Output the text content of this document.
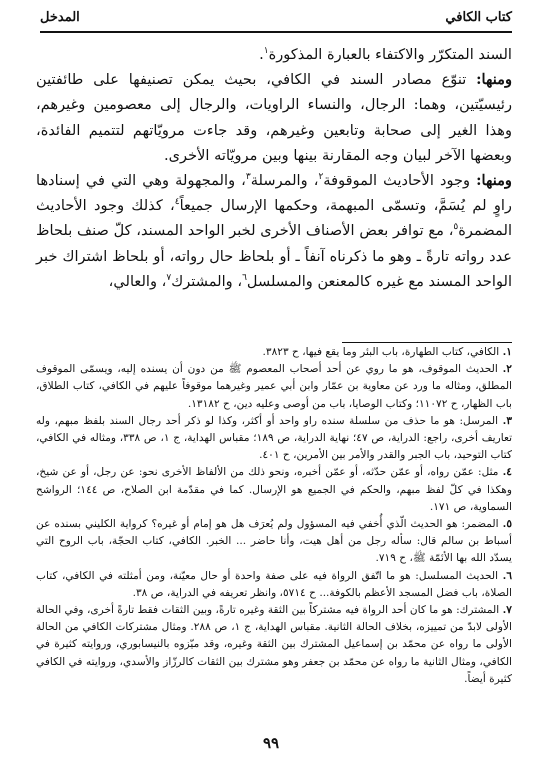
كتاب الكافي
المدخل

السند المتكرّر والاكتفاء بالعبارة المذكورة$^١$.

ومنها: تنوّع مصادر السند في الكافي، بحيث يمكن تصنيفها على طائفتين رئيسيّتين، وهما: الرجال، والنساء الراويات، والرجال إلى معصومين وغيرهم، وهذا الغير إلى صحابة وتابعين وغيرهم، وقد جاءت مرويّاتهم لتتميم الفائدة، وبعضها الآخر لبيان وجه المقارنة بينها وبين مرويّاته الأخرى.

ومنها: وجود الأحاديث الموقوفة$^٢$، والمرسلة$^٣$، والمجهولة وهي التي في إسنادها راوٍ لم يُسَمَّ، وتسمّى المبهمة، وحكمها الإرسال جميعاً$^٤$، كذلك وجود الأحاديث المضمرة$^٥$، مع توافر بعض الأصناف الأخرى لخبر الواحد المسند، كلّ صنف بلحاظ عدد رواته تارةً ـ وهو ما ذكرناه آنفاً ـ أو بلحاظ حال رواته، أو بلحاظ اشتراك خبر الواحد المسند مع غيره كالمعنعن والمسلسل$^٦$، والمشترك$^٧$، والعالي،

١. الكافي، كتاب الطهارة، باب البئر وما يقع فيها، ح ٣٨٢٣.

٢. الحديث الموقوف، هو ما روي عن أحد أصحاب المعصوم ﷺ من دون أن يسنده إليه، ويسمّى الموقوف المطلق، ومثاله ما ورد عن معاوية بن عمّار وابن أبي عمير وغيرهما موقوفاً عليهم في الكافي، كتاب الطلاق، باب الظهار، ح ١١٠٧٢؛ وكتاب الوصايا، باب من أوصى وعليه دين، ح ١٣١٨٢.

٣. المرسل: هو ما حذف من سلسلة سنده راو واحد أو أكثر، وكذا لو ذكر أحد رجال السند بلفظ مبهم، وله تعاريف أخرى، راجع: الدراية، ص ٤٧؛ نهاية الدراية، ص ١٨٩؛ مقباس الهداية، ج ١، ص ٣٣٨، ومثاله في الكافي، كتاب التوحيد، باب الجبر والقدر والأمر بين الأمرين، ح ٤٠١.

٤. مثل: عمّن رواه، أو عمّن حدّثه، أو عمّن أخبره، ونحو ذلك من الألفاظ الأخرى نحو: عن رجل، أو عن شيخ، وهكذا في كلّ لفظ مبهم، والحكم في الجميع هو الإرسال. كما في مقدّمة ابن الصلاح، ص ١٤٤؛ الرواشح السماوية، ص ١٧١.

٥. المضمر: هو الحديث الّذي أُخفي فيه المسؤول ولم يُعرَف هل هو إمام أو غيره؟ كرواية الكليني بسنده عن أسباط بن سالم قال: سأله رجل من أهل هيت، وأنا حاضر ... الخبر. الكافي، كتاب الحجّة، باب الروح التي يسدّد الله بها الأئمّة ﷺ، ح ٧١٩.

٦. الحديث المسلسل: هو ما اتّفق الرواة فيه على صفة واحدة أو حال معيّنة، ومن أمثلته في الكافي، كتاب الصلاة، باب فضل المسجد الأعظم بالكوفة... ح ٥٧١٤، وانظر تعريفه في الدراية، ص ٣٨.

٧. المشترك: هو ما كان أحد الرواة فيه مشتركاً بين الثقة وغيره تارةً، وبين الثقات فقط تارةً أخرى، وفي الحالة الأولى لابدّ من تمييزه، بخلاف الحالة الثانية. مقباس الهداية، ج ١، ص ٢٨٨. ومثال مشتركات الكافي من الحالة الأولى ما رواه عن محمّد بن إسماعيل المشترك بين الثقة وغيره، وقد ميّزوه بالنيسابوري، وروايته كثيرة في الكافي، ومثال الثانية ما رواه عن محمّد بن جعفر وهو مشترك بين الثقات كالرزّاز والأسدي، وروايته في الكافي كثيرة أيضاً.

٩٩
